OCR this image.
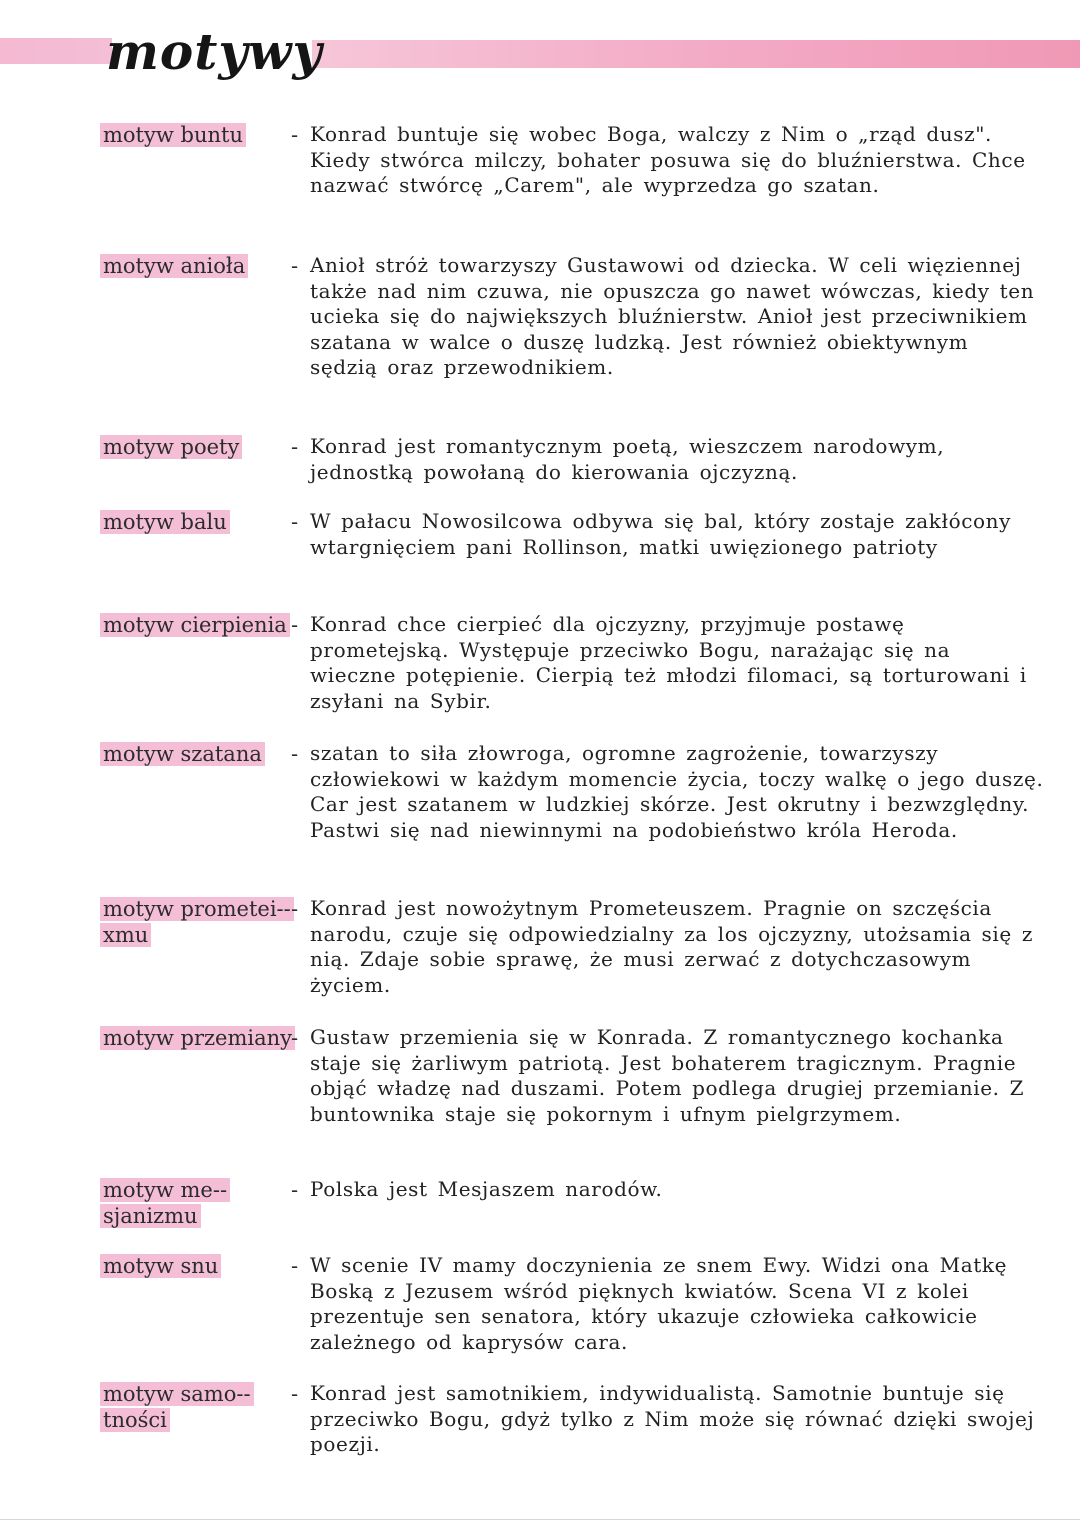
motywy
motyw buntu	- Konrad buntuje się wobec Boga, walczy z Nim o „rząd dusz". Kiedy stwórca milczy, bohater posuwa się do bluźnierstwa. Chce nazwać stwórcę „Carem", ale wyprzedza go szatan.
motyw anioła	- Anioł stróż towarzyszy Gustawowi od dziecka. W celi więziennej także nad nim czuwa, nie opuszcza go nawet wówczas, kiedy ten ucieka się do największych bluźnierstw. Anioł jest przeciwnikiem szatana w walce o duszę ludzką. Jest również obiektywnym sędzią oraz przewodnikiem.
motyw poety	- Konrad jest romantycznym poetą, wieszczem narodowym, jednostką powołaną do kierowania ojczyzną.
motyw balu	- W pałacu Nowosilcowa odbywa się bal, który zostaje zakłócony wtargnięciem pani Rollinson, matki uwięzionego patrioty
motyw cierpienia - Konrad chce cierpieć dla ojczyzny, przyjmuje postawę prometejską. Występuje przeciwko Bogu, narażając się na wieczne potępienie. Cierpią też młodzi filomaci, są torturowani i zsyłani na Sybir.
motyw szatana	- szatan to siła złowroga, ogromne zagrożenie, towarzyszy człowiekowi w każdym momencie życia, toczy walkę o jego duszę. Car jest szatanem w ludzkiej skórze. Jest okrutny i bezwzględny. Pastwi się nad niewinnymi na podobieństwo króla Heroda.
motyw prometei--xmu
- Konrad jest nowożytnym Prometeuszem. Pragnie on szczęścia narodu, czuje się odpowiedzialny za los ojczyzny, utożsamia się z nią. Zdaje sobie sprawę, że musi zerwać z dotychczasowym życiem.
motyw przemiany
- Gustaw przemienia się w Konrada. Z romantycznego kochanka staje się żarliwym patriotą. Jest bohaterem tragicznym. Pragnie objąć władzę nad duszami. Potem podlega drugiej przemianie. Z buntownika staje się pokornym i ufnym pielgrzymem.
motyw me--sjanizmu
- Polska jest Mesjaszem narodów.
motyw snu	- W scenie IV mamy doczynienia ze snem Ewy. Widzi ona Matkę Boską z Jezusem wśród pięknych kwiatów. Scena VI z kolei prezentuje sen senatora, który ukazuje człowieka całkowicie zależnego od kaprysów cara.
motyw samo--tności
- Konrad jest samotnikiem, indywidualistą. Samotnie buntuje się przeciwko Bogu, gdyż tylko z Nim może się równać dzięki swojej poezji.
